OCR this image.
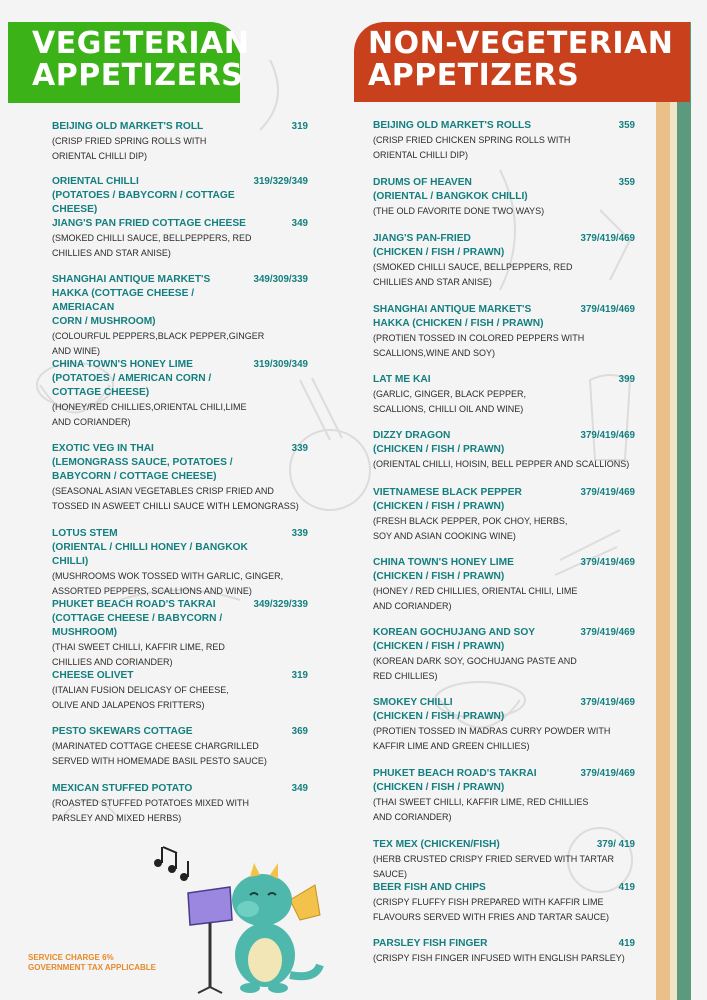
VEGETERIAN
APPETIZERS
NON-VEGETERIAN
APPETIZERS
BEIJING OLD MARKET'S ROLL	319
(CRISP FRIED SPRING ROLLS WITH
ORIENTAL CHILLI DIP)
ORIENTAL CHILLI
(POTATOES / BABYCORN / COTTAGE CHEESE)
319/329/349
JIANG'S PAN FRIED COTTAGE CHEESE	349
(SMOKED CHILLI SAUCE, BELLPEPPERS, RED
CHILLIES AND STAR ANISE)
SHANGHAI ANTIQUE MARKET'S
HAKKA (COTTAGE CHEESE / AMERIACAN
CORN / MUSHROOM)
349/309/339
(COLOURFUL PEPPERS,BLACK PEPPER,GINGER
AND WINE)
CHINA TOWN'S HONEY LIME
(POTATOES / AMERICAN CORN /
COTTAGE CHEESE)
319/309/349
(HONEY/RED CHILLIES,ORIENTAL CHILI,LIME
AND CORIANDER)
EXOTIC VEG IN THAI
(LEMONGRASS SAUCE, POTATOES /
BABYCORN / COTTAGE CHEESE)
339
(SEASONAL ASIAN VEGETABLES CRISP FRIED AND
TOSSED IN ASWEET CHILLI SAUCE WITH LEMONGRASS)
LOTUS STEM
(ORIENTAL / CHILLI HONEY / BANGKOK CHILLI)
339
(MUSHROOMS WOK TOSSED WITH GARLIC, GINGER,
ASSORTED PEPPERS, SCALLIONS AND WINE)
PHUKET BEACH ROAD'S TAKRAI
(COTTAGE CHEESE / BABYCORN / MUSHROOM)
349/329/339
(THAI SWEET CHILLI, KAFFIR LIME, RED
CHILLIES AND CORIANDER)
CHEESE OLIVET	319
(ITALIAN FUSION DELICASY OF CHEESE,
OLIVE AND JALAPENOS FRITTERS)
PESTO SKEWARS COTTAGE	369
(MARINATED COTTAGE CHEESE CHARGRILLED
SERVED WITH HOMEMADE BASIL PESTO SAUCE)
MEXICAN STUFFED POTATO	349
(ROASTED STUFFED POTATOES MIXED WITH
PARSLEY AND MIXED HERBS)
BEIJING OLD MARKET'S ROLLS	359
(CRISP FRIED CHICKEN SPRING ROLLS WITH
ORIENTAL CHILLI DIP)
DRUMS OF HEAVEN
(ORIENTAL / BANGKOK CHILLI)
359
(THE OLD FAVORITE DONE TWO WAYS)
JIANG'S PAN-FRIED
(CHICKEN / FISH / PRAWN)
379/419/469
(SMOKED CHILLI SAUCE, BELLPEPPERS, RED
CHILLIES AND STAR ANISE)
SHANGHAI ANTIQUE MARKET'S
HAKKA (CHICKEN / FISH / PRAWN)
379/419/469
(PROTIEN TOSSED IN COLORED PEPPERS WITH
SCALLIONS,WINE AND SOY)
LAT ME KAI	399
(GARLIC, GINGER, BLACK PEPPER,
SCALLIONS, CHILLI OIL AND WINE)
DIZZY DRAGON
(CHICKEN / FISH / PRAWN)
379/419/469
(ORIENTAL CHILLI, HOISIN, BELL PEPPER AND SCALLIONS)
VIETNAMESE BLACK PEPPER
(CHICKEN / FISH / PRAWN)
379/419/469
(FRESH BLACK PEPPER, POK CHOY, HERBS,
SOY AND ASIAN COOKING WINE)
CHINA TOWN'S HONEY LIME
(CHICKEN / FISH / PRAWN)
379/419/469
(HONEY / RED CHILLIES, ORIENTAL CHILI, LIME
AND CORIANDER)
KOREAN GOCHUJANG AND SOY
(CHICKEN / FISH / PRAWN)
379/419/469
(KOREAN DARK SOY, GOCHUJANG PASTE AND
RED CHILLIES)
SMOKEY CHILLI
(CHICKEN / FISH / PRAWN)
379/419/469
(PROTIEN TOSSED IN MADRAS CURRY POWDER WITH
KAFFIR LIME AND GREEN CHILLIES)
PHUKET BEACH ROAD'S TAKRAI
(CHICKEN / FISH / PRAWN)
379/419/469
(THAI SWEET CHILLI, KAFFIR LIME, RED CHILLIES
AND CORIANDER)
TEX MEX (CHICKEN/FISH)	379/ 419
(HERB CRUSTED CRISPY FRIED SERVED WITH TARTAR SAUCE)
BEER FISH AND CHIPS	419
(CRISPY FLUFFY FISH PREPARED WITH KAFFIR LIME
FLAVOURS SERVED WITH FRIES AND TARTAR SAUCE)
PARSLEY FISH FINGER	419
(CRISPY FISH FINGER INFUSED WITH ENGLISH PARSLEY)
SERVICE CHARGE 6%
GOVERNMENT TAX APPLICABLE
